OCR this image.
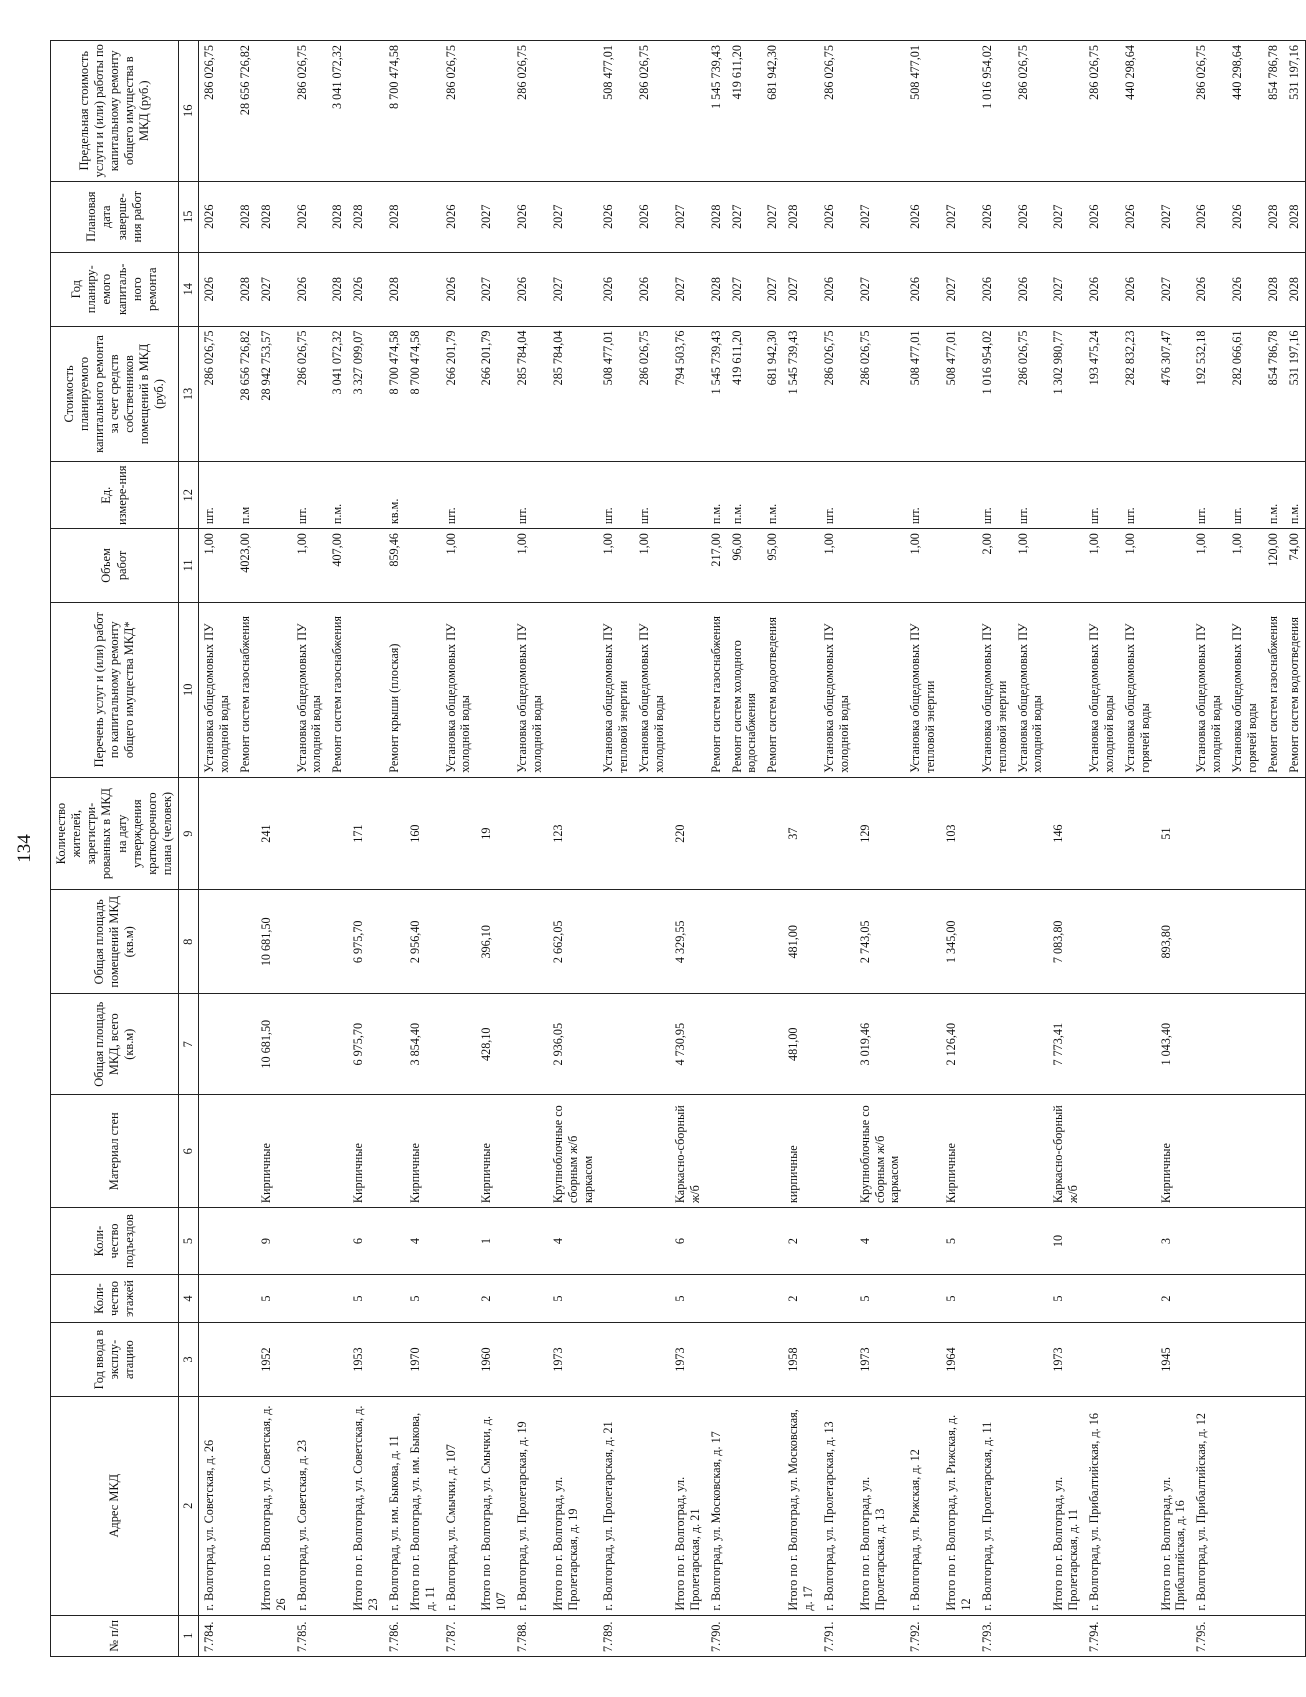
134
№ п/п	Адрес МКД	Год ввода в эксплу-атацию	Коли-чество этажей	Коли-чество подъездов	Материал стен	Общая площадь МКД, всего (кв.м)	Общая площадь помещений МКД (кв.м)	Количество жителей, зарегистри-рованных в МКД на дату утверждения краткосрочного плана (человек)	Перечень услуг и (или) работ по капитальному ремонту общего имущества МКД*	Объем работ	Ед. измере-ния	Стоимость планируемого капитального ремонта за счет средств собственников помещений в МКД (руб.)	Год планиру-емого капиталь-ного ремонта	Плановая дата заверше-ния работ	Предельная стоимость услуги и (или) работы по капитальному ремонту общего имущества в МКД (руб.)
1	2	3	4	5	6	7	8	9	10	11	12	13	14	15	16
7.784.	г. Волгоград, ул. Советская, д. 26								Установка общедомовых ПУ холодной воды	1,00	шт.	286 026,75	2026	2026	286 026,75
									Ремонт систем газоснабжения	4023,00	п.м	28 656 726,82	2028	2028	28 656 726,82
	Итого по г. Волгоград, ул. Советская, д. 26	1952	5	9	Кирпичные	10 681,50	10 681,50	241				28 942 753,57	2027	2028	
7.785.	г. Волгоград, ул. Советская, д. 23								Установка общедомовых ПУ холодной воды	1,00	шт.	286 026,75	2026	2026	286 026,75
									Ремонт систем газоснабжения	407,00	п.м.	3 041 072,32	2028	2028	3 041 072,32
	Итого по г. Волгоград, ул. Советская, д. 23	1953	5	6	Кирпичные	6 975,70	6 975,70	171				3 327 099,07	2026	2028	
7.786.	г. Волгоград, ул. им. Быкова, д. 11								Ремонт крыши (плоская)	859,46	кв.м.	8 700 474,58	2028	2028	8 700 474,58
	Итого по г. Волгоград, ул. им. Быкова, д. 11	1970	5	4	Кирпичные	3 854,40	2 956,40	160				8 700 474,58			
7.787.	г. Волгоград, ул. Смычки, д. 107								Установка общедомовых ПУ холодной воды	1,00	шт.	266 201,79	2026	2026	286 026,75
	Итого по г. Волгоград, ул. Смычки, д. 107	1960	2	1	Кирпичные	428,10	396,10	19				266 201,79	2027	2027	
7.788.	г. Волгоград, ул. Пролетарская, д. 19								Установка общедомовых ПУ холодной воды	1,00	шт.	285 784,04	2026	2026	286 026,75
	Итого по г. Волгоград, ул. Пролетарская, д. 19	1973	5	4	Крупноблочные со сборным ж/б каркасом	2 936,05	2 662,05	123				285 784,04	2027	2027	
7.789.	г. Волгоград, ул. Пролетарская, д. 21								Установка общедомовых ПУ тепловой энергии	1,00	шт.	508 477,01	2026	2026	508 477,01
									Установка общедомовых ПУ холодной воды	1,00	шт.	286 026,75	2026	2026	286 026,75
	Итого по г. Волгоград, ул. Пролетарская, д. 21	1973	5	6	Каркасно-сборный ж/б	4 730,95	4 329,55	220				794 503,76	2027	2027	
7.790.	г. Волгоград, ул. Московская, д. 17								Ремонт систем газоснабжения	217,00	п.м.	1 545 739,43	2028	2028	1 545 739,43
									Ремонт систем холодного водоснабжения	96,00	п.м.	419 611,20	2027	2027	419 611,20
									Ремонт систем водоотведения	95,00	п.м.	681 942,30	2027	2027	681 942,30
	Итого по г. Волгоград, ул. Московская, д. 17	1958	2	2	кирпичные	481,00	481,00	37				1 545 739,43	2027	2028	
7.791.	г. Волгоград, ул. Пролетарская, д. 13								Установка общедомовых ПУ холодной воды	1,00	шт.	286 026,75	2026	2026	286 026,75
	Итого по г. Волгоград, ул. Пролетарская, д. 13	1973	5	4	Крупноблочные со сборным ж/б каркасом	3 019,46	2 743,05	129				286 026,75	2027	2027	
7.792.	г. Волгоград, ул. Рижская, д. 12								Установка общедомовых ПУ тепловой энергии	1,00	шт.	508 477,01	2026	2026	508 477,01
	Итого по г. Волгоград, ул. Рижская, д. 12	1964	5	5	Кирпичные	2 126,40	1 345,00	103				508 477,01	2027	2027	
7.793.	г. Волгоград, ул. Пролетарская, д. 11								Установка общедомовых ПУ тепловой энергии	2,00	шт.	1 016 954,02	2026	2026	1 016 954,02
									Установка общедомовых ПУ холодной воды	1,00	шт.	286 026,75	2026	2026	286 026,75
	Итого по г. Волгоград, ул. Пролетарская, д. 11	1973	5	10	Каркасно-сборный ж/б	7 773,41	7 083,80	146				1 302 980,77	2027	2027	
7.794.	г. Волгоград, ул. Прибалтийская, д. 16								Установка общедомовых ПУ холодной воды	1,00	шт.	193 475,24	2026	2026	286 026,75
									Установка общедомовых ПУ горячей воды	1,00	шт.	282 832,23	2026	2026	440 298,64
	Итого по г. Волгоград, ул. Прибалтийская, д. 16	1945	2	3	Кирпичные	1 043,40	893,80	51				476 307,47	2027	2027	
7.795.	г. Волгоград, ул. Прибалтийская, д. 12								Установка общедомовых ПУ холодной воды	1,00	шт.	192 532,18	2026	2026	286 026,75
									Установка общедомовых ПУ горячей воды	1,00	шт.	282 066,61	2026	2026	440 298,64
									Ремонт систем газоснабжения	120,00	п.м.	854 786,78	2028	2028	854 786,78
									Ремонт систем водоотведения	74,00	п.м.	531 197,16	2028	2028	531 197,16
